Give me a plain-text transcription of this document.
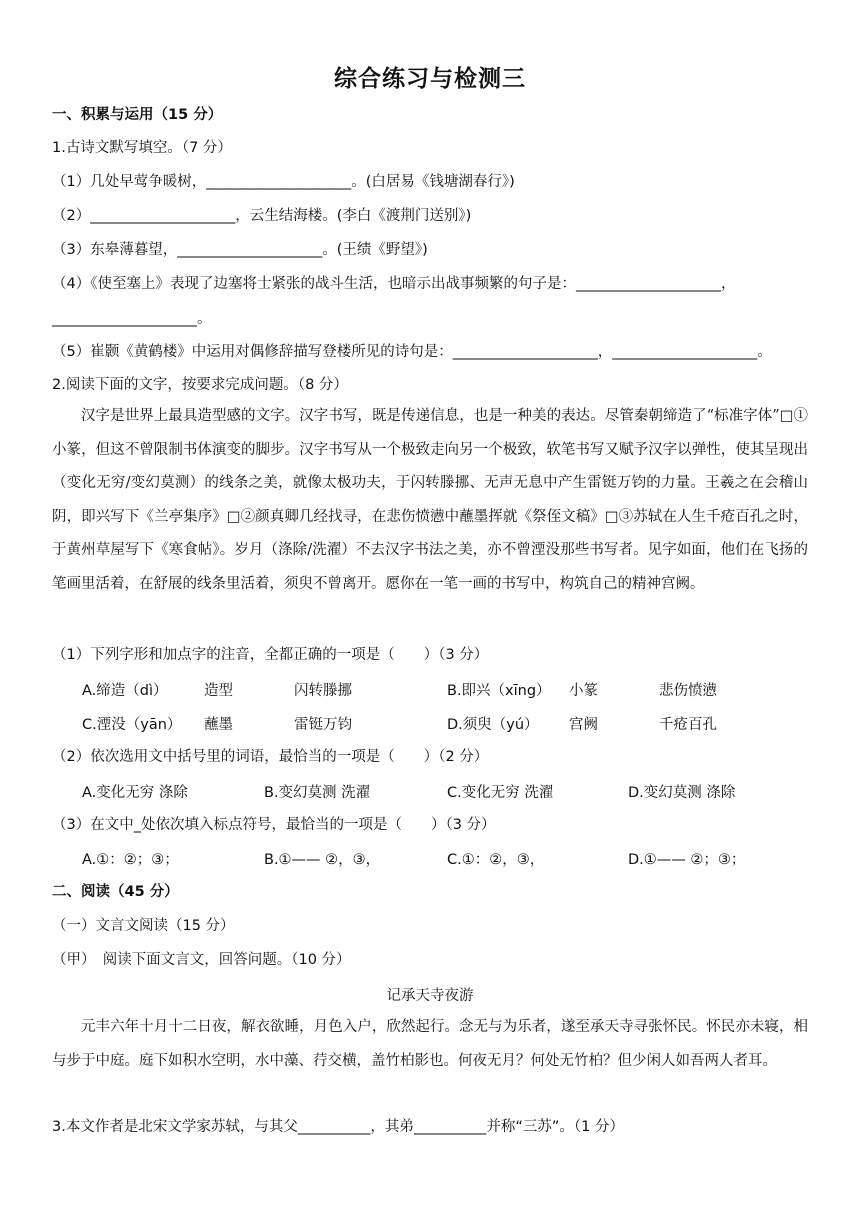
综合练习与检测三
一、积累与运用（15 分）
1.古诗文默写填空。（7 分）
（1）几处早莺争暖树，____________________。(白居易《钱塘湖春行》)
（2）____________________，云生结海楼。(李白《渡荆门送别》)
（3）东皋薄暮望，____________________。(王绩《野望》)
（4）《使至塞上》表现了边塞将士紧张的战斗生活，也暗示出战事频繁的句子是：____________________，
____________________。
（5）崔颢《黄鹤楼》中运用对偶修辞描写登楼所见的诗句是：____________________，____________________。
2.阅读下面的文字，按要求完成问题。（8 分）
汉字是世界上最具造型感的文字。汉字书写，既是传递信息，也是一种美的表达。尽管秦朝缔造了“标准字体”□①小篆，但这不曾限制书体演变的脚步。汉字书写从一个极致走向另一个极致，软笔书写又赋予汉字以弹性，使其呈现出（变化无穷/变幻莫测）的线条之美，就像太极功夫，于闪转滕挪、无声无息中产生雷铤万钧的力量。王羲之在会稽山阴，即兴写下《兰亭集序》□②颜真卿几经找寻，在悲伤愤懑中蘸墨挥就《祭侄文稿》□③苏轼在人生千疮百孔之时，于黄州草屋写下《寒食帖》。岁月（涤除/洗濯）不去汉字书法之美，亦不曾湮没那些书写者。见字如面，他们在飞扬的笔画里活着，在舒展的线条里活着，须臾不曾离开。愿你在一笔一画的书写中，构筑自己的精神宫阙。
（1）下列字形和加点字的注音，全都正确的一项是（　　）（3 分）
A.缔造（dì）	造型	闪转滕挪	B.即兴（xīng） 小篆	悲伤愤懑
C.湮没（yān） 蘸墨	雷铤万钧	D.须臾（yú） 宫阙	千疮百孔
（2）依次选用文中括号里的词语，最恰当的一项是（　　）（2 分）
A.变化无穷 涤除	B.变幻莫测 洗濯	C.变化无穷 洗濯	D.变幻莫测 涤除
（3）在文中_处依次填入标点符号，最恰当的一项是（　　）（3 分）
A.①：②；③；	B.①—— ②，③，	C.①：②，③，	D.①—— ②；③；
二、阅读（45 分）
（一）文言文阅读（15 分）
（甲）　阅读下面文言文，回答问题。（10 分）
记承天寺夜游
元丰六年十月十二日夜，解衣欲睡，月色入户，欣然起行。念无与为乐者，遂至承天寺寻张怀民。怀民亦未寝，相与步于中庭。庭下如积水空明，水中藻、荇交横，盖竹柏影也。何夜无月？何处无竹柏？但少闲人如吾两人者耳。
3.本文作者是北宋文学家苏轼，与其父__________，其弟__________并称“三苏”。（1 分）
